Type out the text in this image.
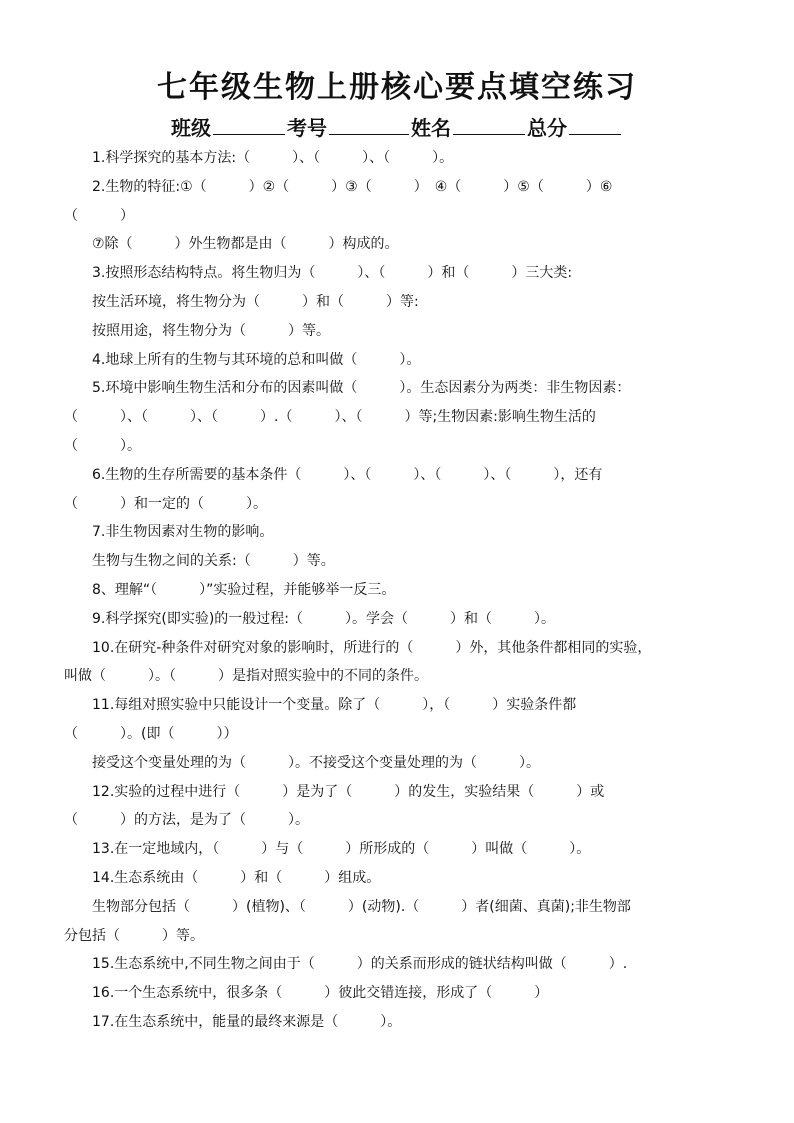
七年级生物上册核心要点填空练习
班级	考号	姓名	总分
1.科学探究的基本方法:（　　　）、（　　　）、（　　　）。
2.生物的特征:①（　　　）②（　　　）③（　　　）　④（　　　）⑤（　　　）⑥
（　　　）
⑦除（　　　）外生物都是由（　　　）构成的。
3.按照形态结构特点。将生物归为（　　　）、（　　　）和（　　　）三大类:
按生活环境，将生物分为（　　　）和（　　　）等:
按照用途，将生物分为（　　　）等。
4.地球上所有的生物与其环境的总和叫做（　　　）。
5.环境中影响生物生活和分布的因素叫做（　　　）。生态因素分为两类：非生物因素：
（　　　）、（　　　）、（　　　）.（　　　）、（　　　）等;生物因素:影响生物生活的
（　　　）。
6.生物的生存所需要的基本条件（　　　）、（　　　）、（　　　）、（　　　），还有
（　　　）和一定的（　　　）。
7.非生物因素对生物的影响。
生物与生物之间的关系:（　　　）等。
8、理解“（　　　）”实验过程，并能够举一反三。
9.科学探究(即实验)的一般过程:（　　　）。学会（　　　）和（　　　）。
10.在研究-种条件对研究对象的影响时，所进行的（　　　）外，其他条件都相同的实验，
叫做（　　　）。（　　　）是指对照实验中的不同的条件。
11.每组对照实验中只能设计一个变量。除了（　　　），（　　　）实验条件都
（　　　）。(即（　　　））
接受这个变量处理的为（　　　）。不接受这个变量处理的为（　　　）。
12.实验的过程中进行（　　　）是为了（　　　）的发生，实验结果（　　　）或
（　　　）的方法，是为了（　　　）。
13.在一定地域内，（　　　）与（　　　）所形成的（　　　）叫做（　　　）。
14.生态系统由（　　　）和（　　　）组成。
生物部分包括（　　　）(植物)、（　　　）(动物).（　　　）者(细菌、真菌);非生物部
分包括（　　　）等。
15.生态系统中,不同生物之间由于（　　　）的关系而形成的链状结构叫做（　　　）.
16.一个生态系统中，很多条（　　　）彼此交错连接，形成了（　　　）
17.在生态系统中，能量的最终来源是（　　　）。
